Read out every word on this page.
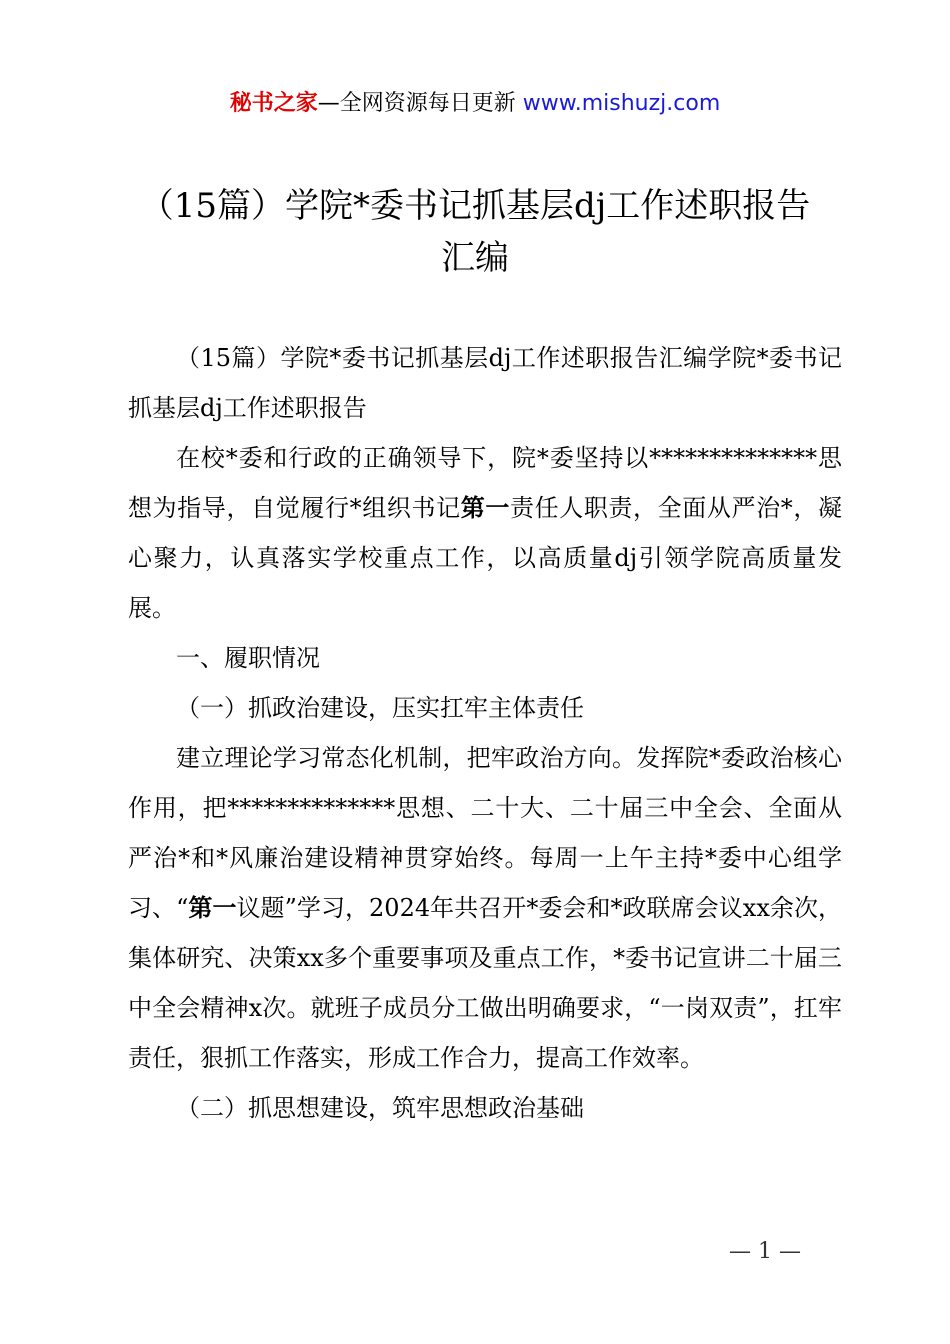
秘书之家—全网资源每日更新 www.mishuzj.com
（15篇）学院*委书记抓基层dj工作述职报告
汇编

（15篇）学院*委书记抓基层dj工作述职报告汇编学院*委书记抓基层dj工作述职报告

在校*委和行政的正确领导下，院*委坚持以**************思想为指导，自觉履行*组织书记第一责任人职责，全面从严治*，凝心聚力，认真落实学校重点工作，以高质量dj引领学院高质量发展。

一、履职情况

（一）抓政治建设，压实扛牢主体责任

建立理论学习常态化机制，把牢政治方向。发挥院*委政治核心作用，把**************思想、二十大、二十届三中全会、全面从严治*和*风廉治建设精神贯穿始终。每周一上午主持*委中心组学习、“第一议题”学习，2024年共召开*委会和*政联席会议xx余次，集体研究、决策xx多个重要事项及重点工作，*委书记宣讲二十届三中全会精神x次。就班子成员分工做出明确要求，“一岗双责”，扛牢责任，狠抓工作落实，形成工作合力，提高工作效率。

（二）抓思想建设，筑牢思想政治基础

— 1 —
